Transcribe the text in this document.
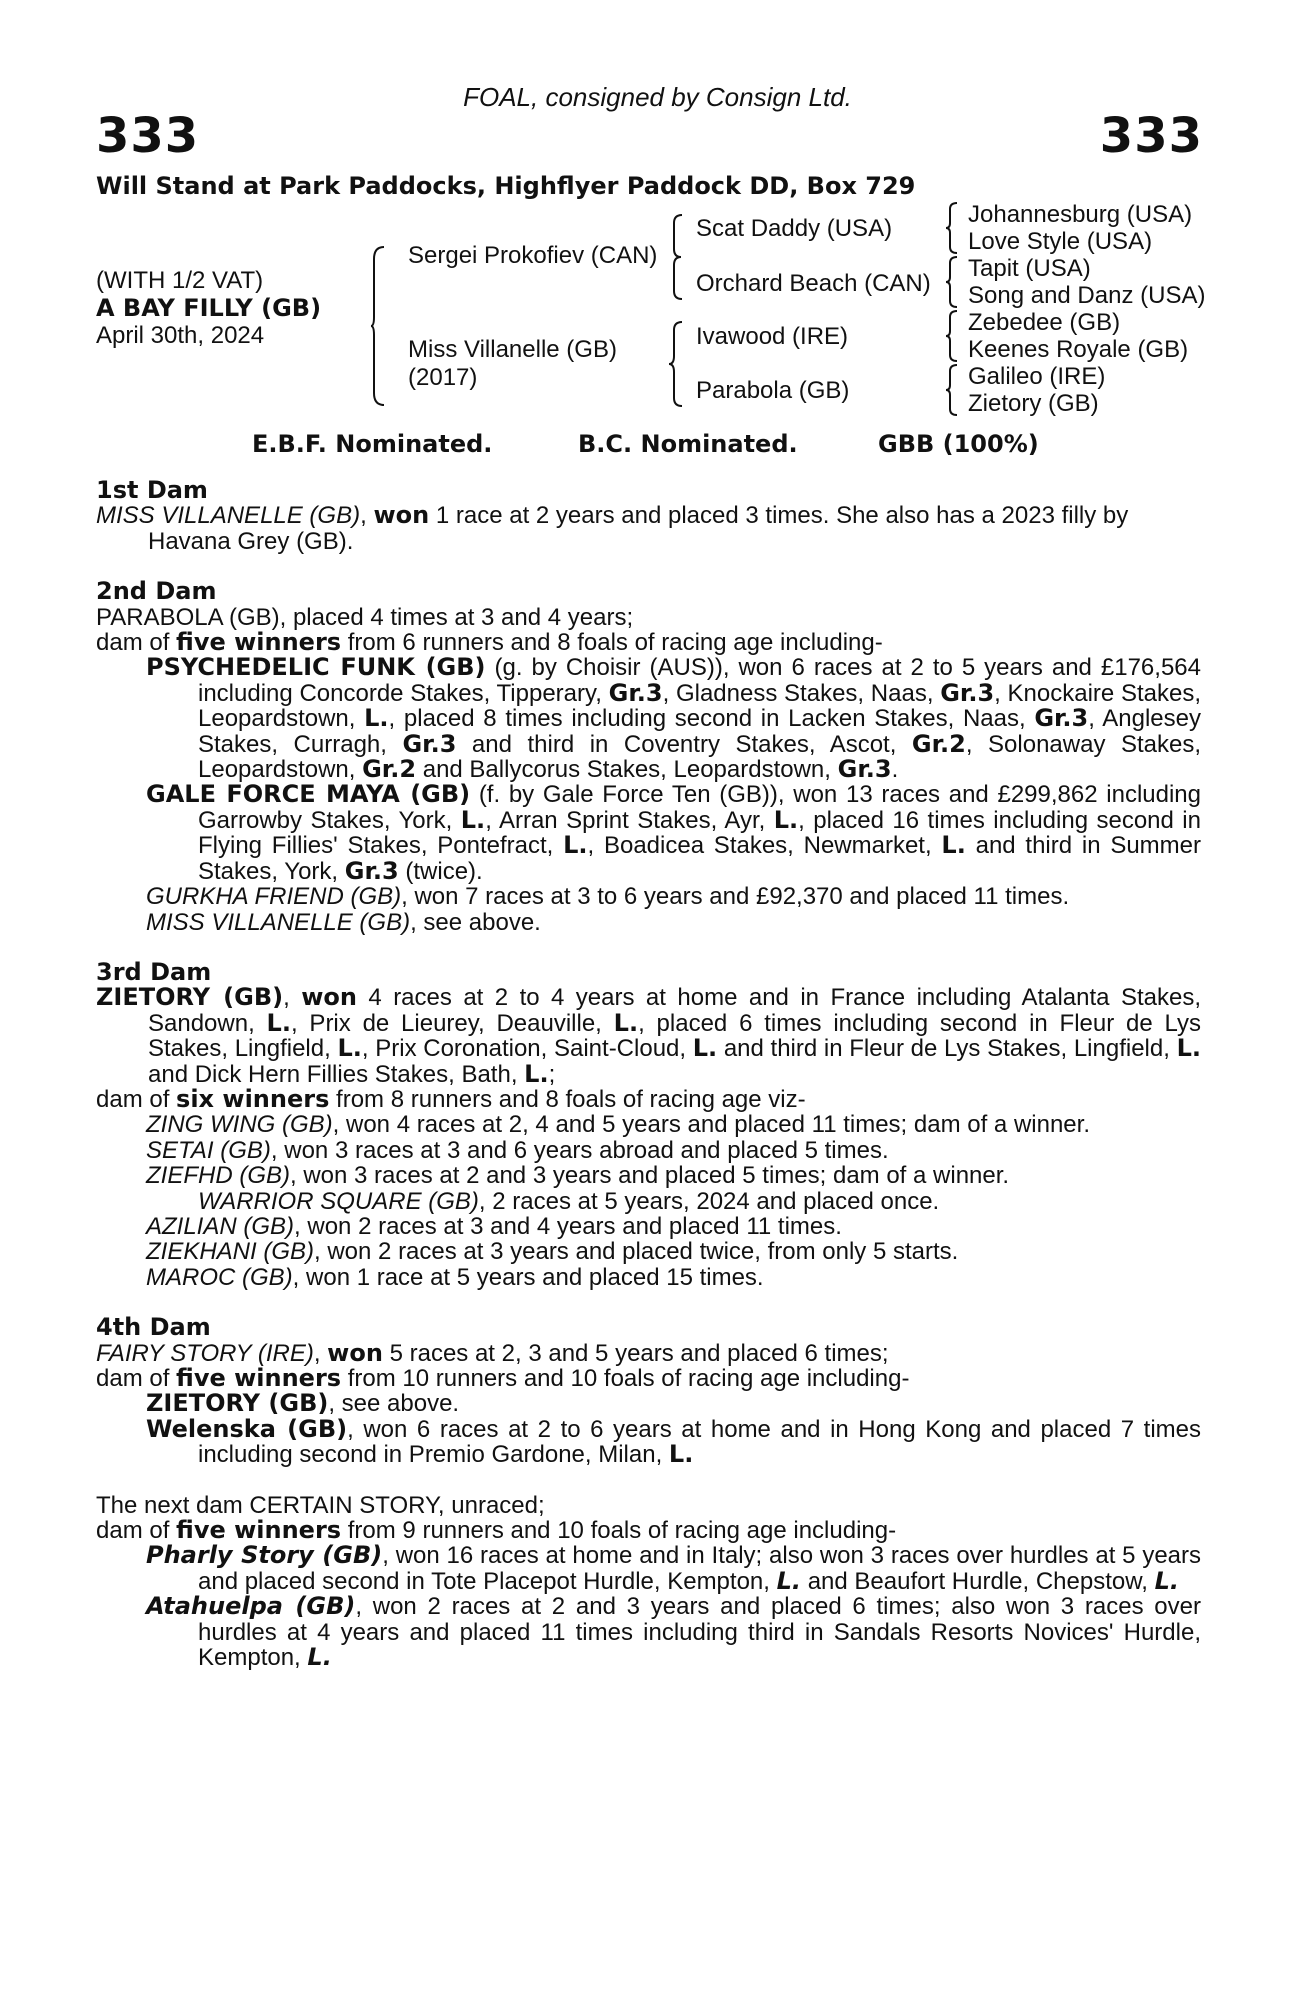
FOAL, consigned by Consign Ltd.
333	333
Will Stand at Park Paddocks, Highflyer Paddock DD, Box 729
(WITH 1/2 VAT)
A BAY FILLY (GB)
April 30th, 2024
Sergei Prokofiev (CAN)
Miss Villanelle (GB)
(2017)
Scat Daddy (USA)
Orchard Beach (CAN)
Ivawood (IRE)
Parabola (GB)
Johannesburg (USA)
Love Style (USA)
Tapit (USA)
Song and Danz (USA)
Zebedee (GB)
Keenes Royale (GB)
Galileo (IRE)
Zietory (GB)
E.B.F. Nominated.	B.C. Nominated.	GBB (100%)
1st Dam

MISS VILLANELLE (GB), won 1 race at 2 years and placed 3 times. She also has a 2023 filly by Havana Grey (GB).

2nd Dam

PARABOLA (GB), placed 4 times at 3 and 4 years;

dam of five winners from 6 runners and 8 foals of racing age including-

PSYCHEDELIC FUNK (GB) (g. by Choisir (AUS)), won 6 races at 2 to 5 years and £176,564 including Concorde Stakes, Tipperary, Gr.3, Gladness Stakes, Naas, Gr.3, Knockaire Stakes, Leopardstown, L., placed 8 times including second in Lacken Stakes, Naas, Gr.3, Anglesey Stakes, Curragh, Gr.3 and third in Coventry Stakes, Ascot, Gr.2, Solonaway Stakes, Leopardstown, Gr.2 and Ballycorus Stakes, Leopardstown, Gr.3.

GALE FORCE MAYA (GB) (f. by Gale Force Ten (GB)), won 13 races and £299,862 including Garrowby Stakes, York, L., Arran Sprint Stakes, Ayr, L., placed 16 times including second in Flying Fillies' Stakes, Pontefract, L., Boadicea Stakes, Newmarket, L. and third in Summer Stakes, York, Gr.3 (twice).

GURKHA FRIEND (GB), won 7 races at 3 to 6 years and £92,370 and placed 11 times.

MISS VILLANELLE (GB), see above.

3rd Dam

ZIETORY (GB), won 4 races at 2 to 4 years at home and in France including Atalanta Stakes, Sandown, L., Prix de Lieurey, Deauville, L., placed 6 times including second in Fleur de Lys Stakes, Lingfield, L., Prix Coronation, Saint-Cloud, L. and third in Fleur de Lys Stakes, Lingfield, L. and Dick Hern Fillies Stakes, Bath, L.;

dam of six winners from 8 runners and 8 foals of racing age viz-

ZING WING (GB), won 4 races at 2, 4 and 5 years and placed 11 times; dam of a winner.

SETAI (GB), won 3 races at 3 and 6 years abroad and placed 5 times.

ZIEFHD (GB), won 3 races at 2 and 3 years and placed 5 times; dam of a winner.

WARRIOR SQUARE (GB), 2 races at 5 years, 2024 and placed once.

AZILIAN (GB), won 2 races at 3 and 4 years and placed 11 times.

ZIEKHANI (GB), won 2 races at 3 years and placed twice, from only 5 starts.

MAROC (GB), won 1 race at 5 years and placed 15 times.

4th Dam

FAIRY STORY (IRE), won 5 races at 2, 3 and 5 years and placed 6 times;

dam of five winners from 10 runners and 10 foals of racing age including-

ZIETORY (GB), see above.

Welenska (GB), won 6 races at 2 to 6 years at home and in Hong Kong and placed 7 times including second in Premio Gardone, Milan, L.

The next dam CERTAIN STORY, unraced;

dam of five winners from 9 runners and 10 foals of racing age including-

Pharly Story (GB), won 16 races at home and in Italy; also won 3 races over hurdles at 5 years and placed second in Tote Placepot Hurdle, Kempton, L. and Beaufort Hurdle, Chepstow, L.

Atahuelpa (GB), won 2 races at 2 and 3 years and placed 6 times; also won 3 races over hurdles at 4 years and placed 11 times including third in Sandals Resorts Novices' Hurdle, Kempton, L.
